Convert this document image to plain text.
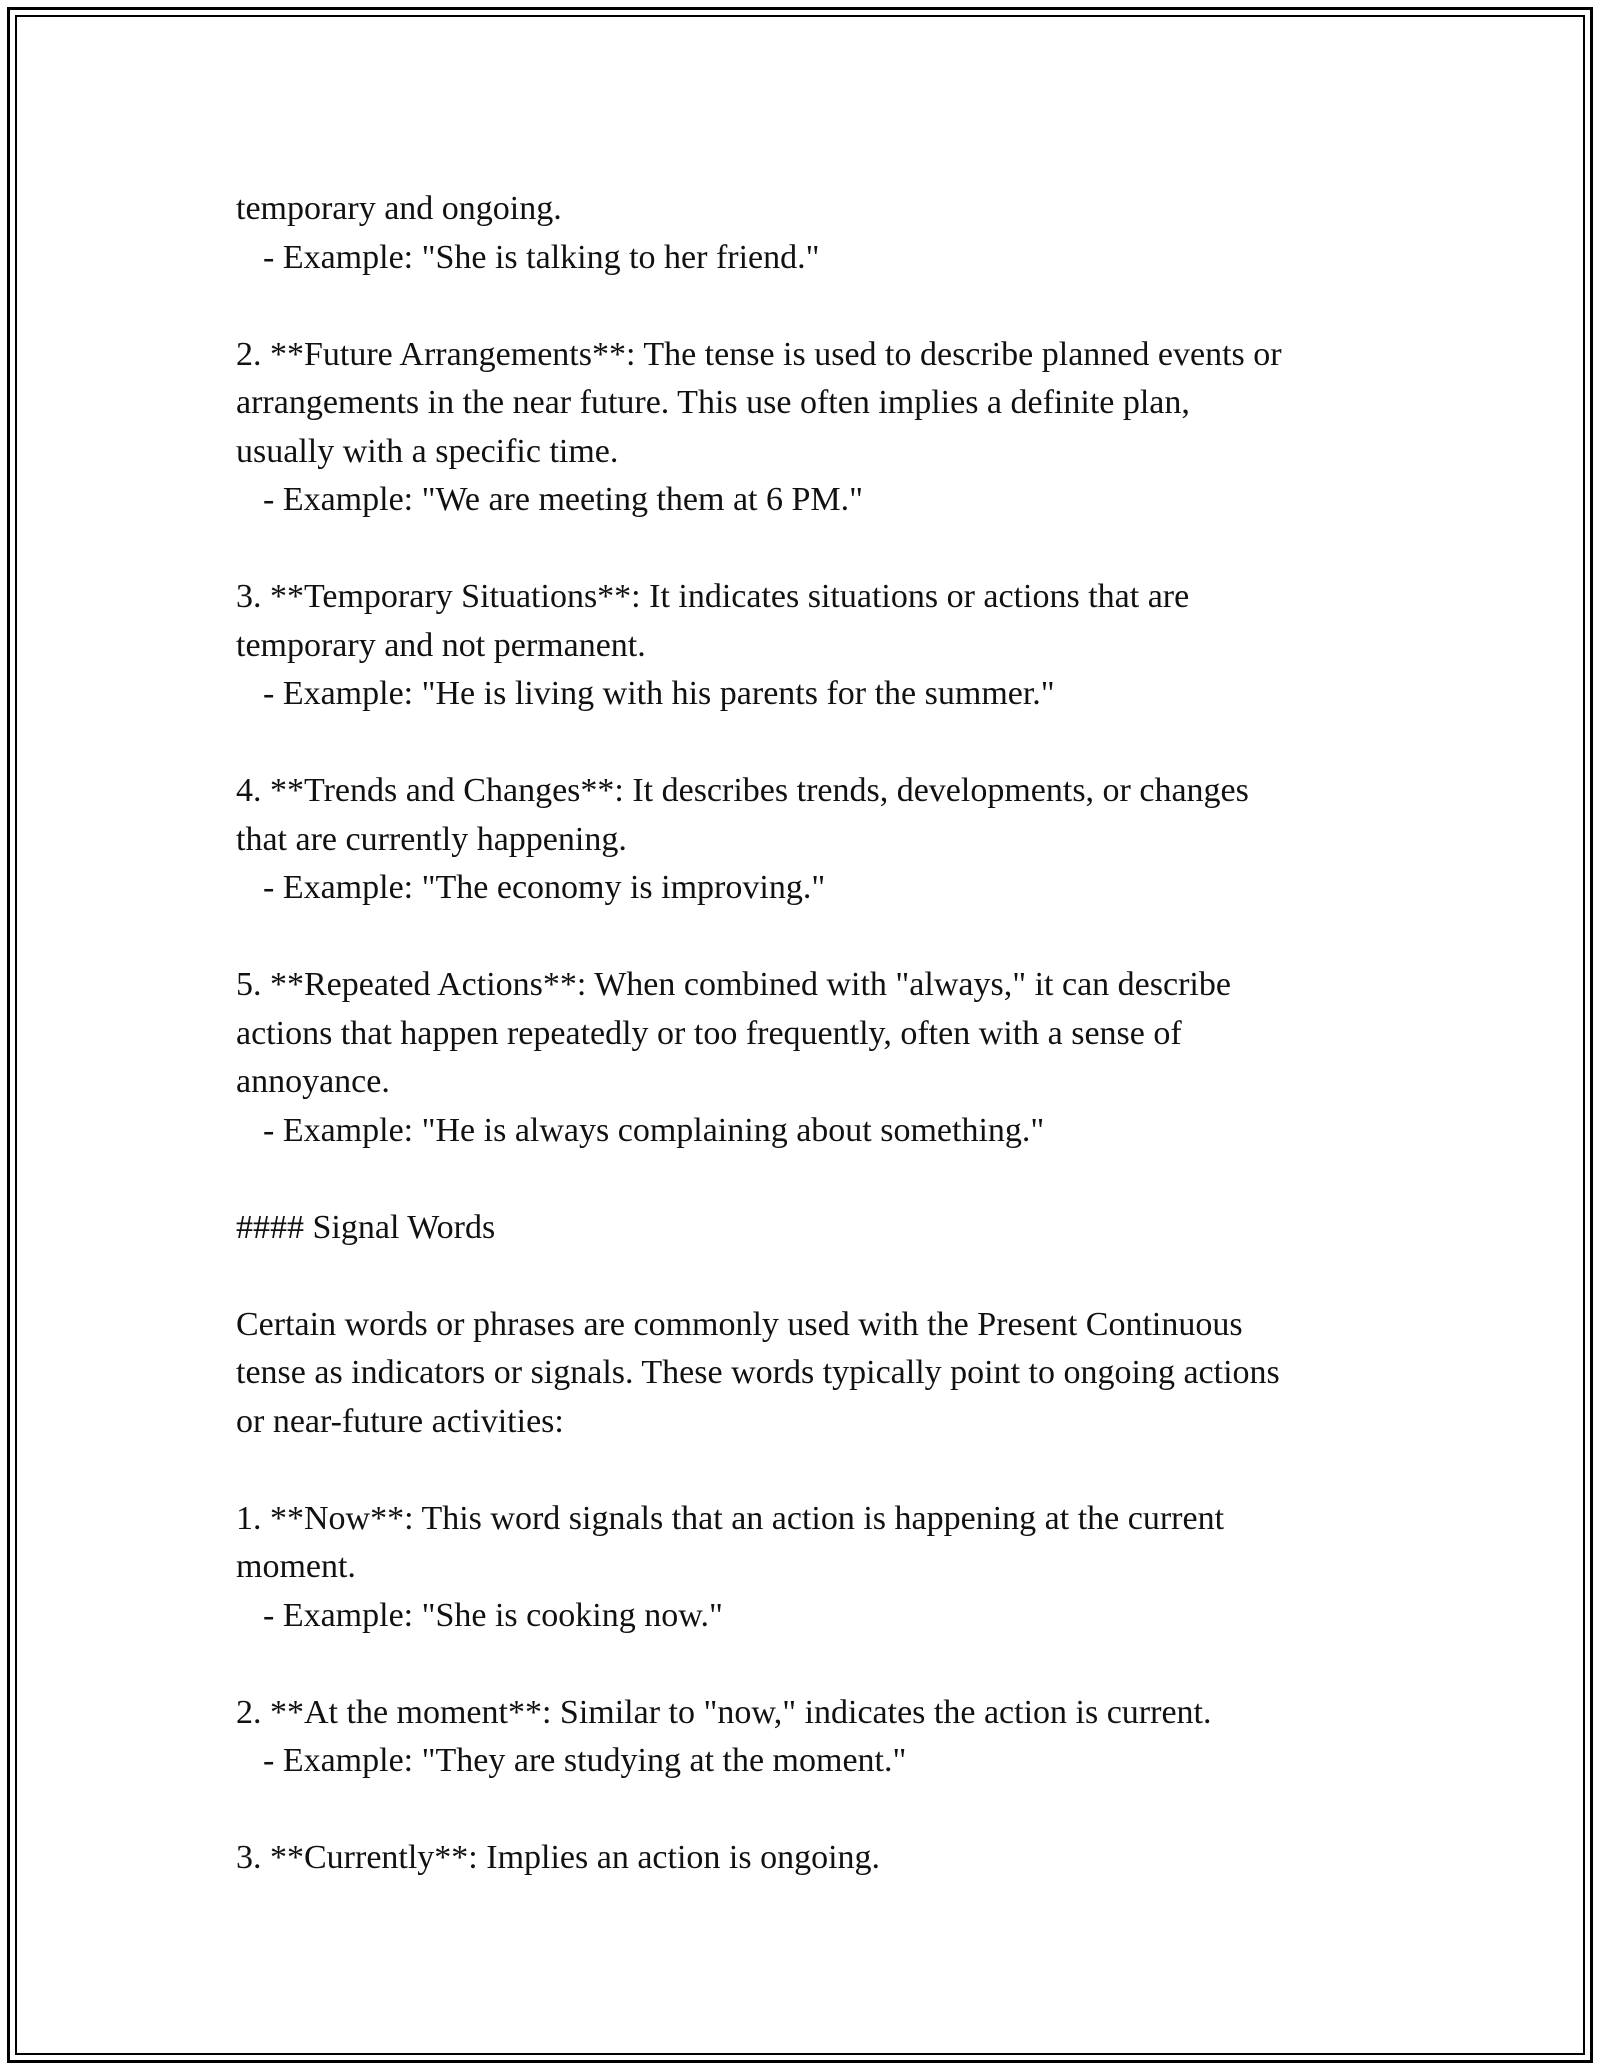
temporary and ongoing.
- Example: "She is talking to her friend."
2. **Future Arrangements**: The tense is used to describe planned events or
arrangements in the near future. This use often implies a definite plan,
usually with a specific time.
- Example: "We are meeting them at 6 PM."
3. **Temporary Situations**: It indicates situations or actions that are
temporary and not permanent.
- Example: "He is living with his parents for the summer."
4. **Trends and Changes**: It describes trends, developments, or changes
that are currently happening.
- Example: "The economy is improving."
5. **Repeated Actions**: When combined with "always," it can describe
actions that happen repeatedly or too frequently, often with a sense of
annoyance.
- Example: "He is always complaining about something."
#### Signal Words
Certain words or phrases are commonly used with the Present Continuous
tense as indicators or signals. These words typically point to ongoing actions
or near-future activities:
1. **Now**: This word signals that an action is happening at the current
moment.
- Example: "She is cooking now."
2. **At the moment**: Similar to "now," indicates the action is current.
- Example: "They are studying at the moment."
3. **Currently**: Implies an action is ongoing.
